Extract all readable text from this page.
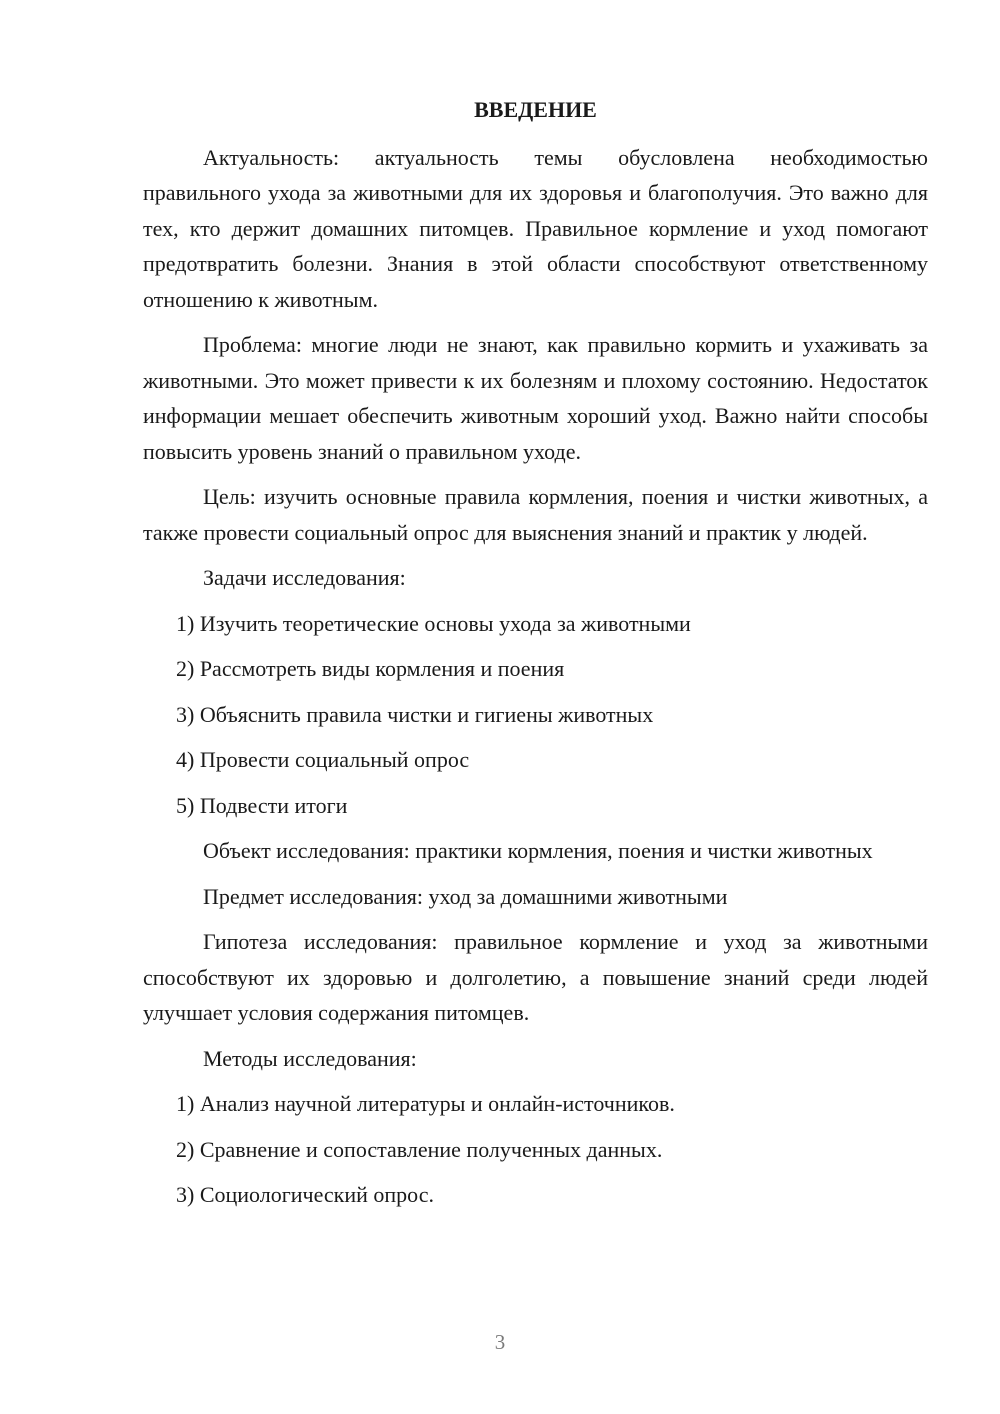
ВВЕДЕНИЕ

Актуальность: актуальность темы обусловлена необходимостью правильного ухода за животными для их здоровья и благополучия. Это важно для тех, кто держит домашних питомцев. Правильное кормление и уход помогают предотвратить болезни. Знания в этой области способствуют ответственному отношению к животным.

Проблема: многие люди не знают, как правильно кормить и ухаживать за животными. Это может привести к их болезням и плохому состоянию. Недостаток информации мешает обеспечить животным хороший уход. Важно найти способы повысить уровень знаний о правильном уходе.

Цель: изучить основные правила кормления, поения и чистки животных, а также провести социальный опрос для выяснения знаний и практик у людей.

Задачи исследования:

1) Изучить теоретические основы ухода за животными

2) Рассмотреть виды кормления и поения

3) Объяснить правила чистки и гигиены животных

4) Провести социальный опрос

5) Подвести итоги

Объект исследования: практики кормления, поения и чистки животных

Предмет исследования: уход за домашними животными

Гипотеза исследования: правильное кормление и уход за животными способствуют их здоровью и долголетию, а повышение знаний среди людей улучшает условия содержания питомцев.

Методы исследования:

1) Анализ научной литературы и онлайн-источников.

2) Сравнение и сопоставление полученных данных.

3) Социологический опрос.

3
